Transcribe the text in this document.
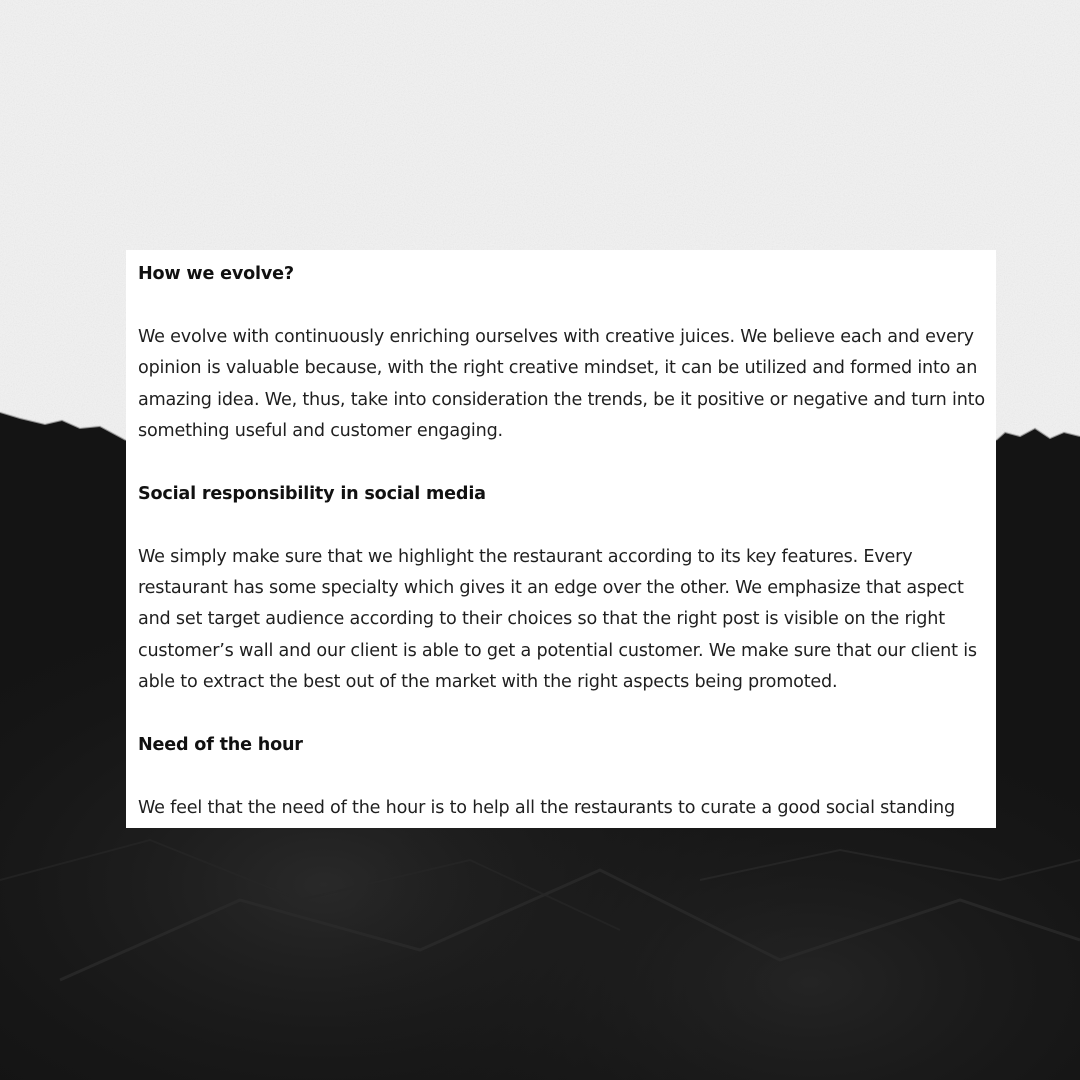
How we evolve?

We evolve with continuously enriching ourselves with creative juices. We believe each and every opinion is valuable because, with the right creative mindset, it can be utilized and formed into an amazing idea. We, thus, take into consideration the trends, be it positive or negative and turn into something useful and customer engaging.

Social responsibility in social media

We simply make sure that we highlight the restaurant according to its key features. Every restaurant has some specialty which gives it an edge over the other. We emphasize that aspect and set target audience according to their choices so that the right post is visible on the right customer’s wall and our client is able to get a potential customer. We make sure that our client is able to extract the best out of the market with the right aspects being promoted.

Need of the hour

We feel that the need of the hour is to help all the restaurants to curate a good social standing
